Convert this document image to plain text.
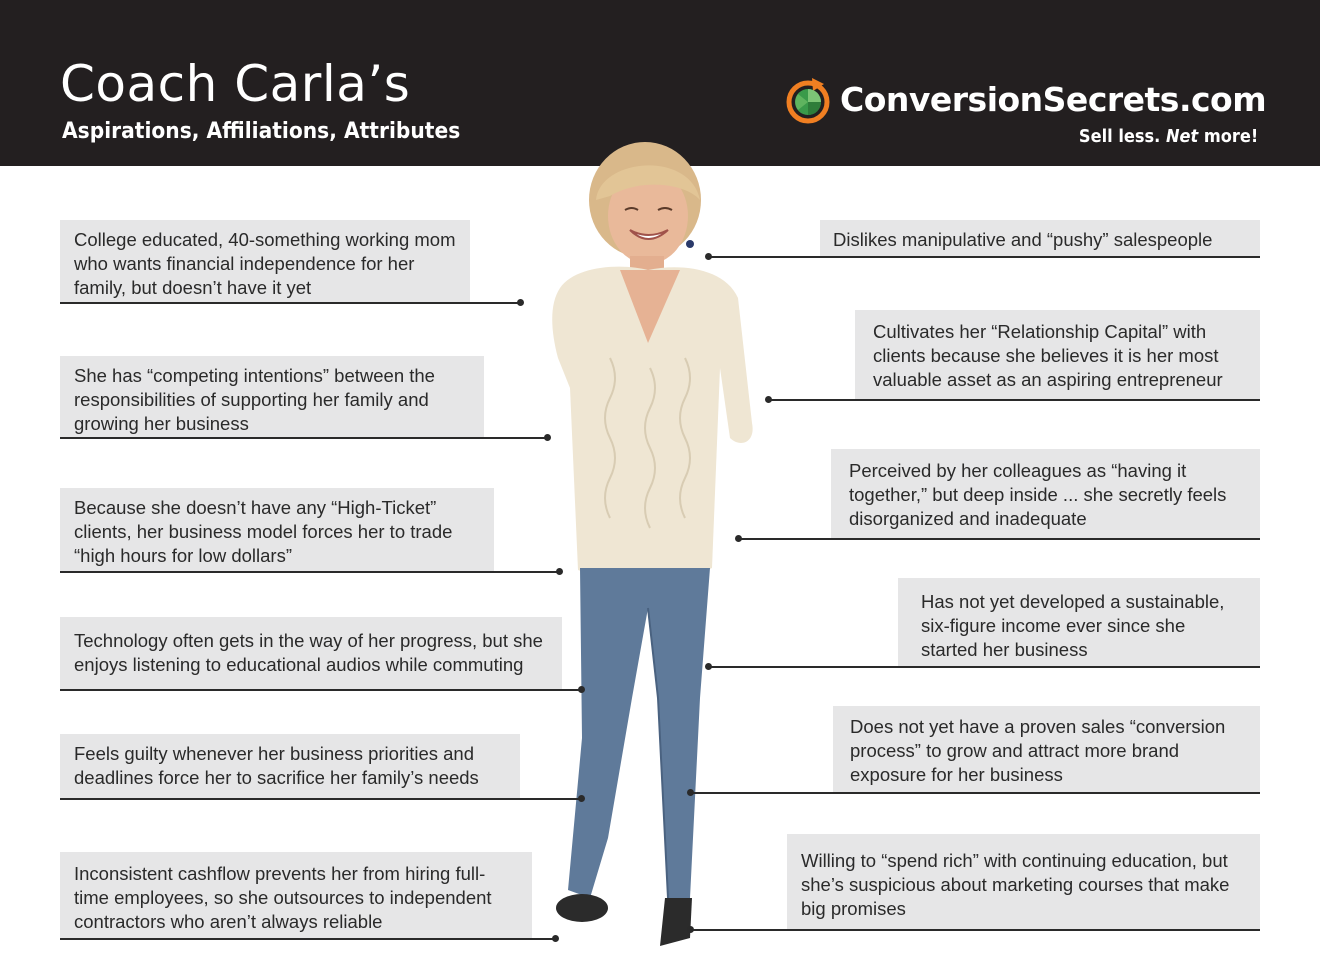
Coach Carla’s
Aspirations, Affiliations, Attributes
ConversionSecrets.com
Sell less. Net more!
College educated, 40-something working mom who wants financial independence for her family, but doesn’t have it yet
She has “competing intentions” between the responsibilities of supporting her family and growing her business
Because she doesn’t have any “High-Ticket” clients, her business model forces her to trade “high hours for low dollars”
Technology often gets in the way of her progress, but she enjoys listening to educational audios while commuting
Feels guilty whenever her business priorities and deadlines force her to sacrifice her family’s needs
Inconsistent cashflow prevents her from hiring full-time employees, so she outsources to independent contractors who aren’t always reliable
Dislikes manipulative and “pushy” salespeople
Cultivates her “Relationship Capital” with clients because she believes it is her most valuable asset as an aspiring entrepreneur
Perceived by her colleagues as “having it together,” but deep inside ... she secretly feels disorganized and inadequate
Has not yet developed a sustainable, six-figure income ever since she started her business
Does not yet have a proven sales “conversion process” to grow and attract more brand exposure for her business
Willing to “spend rich” with continuing education, but she’s suspicious about marketing courses that make big promises
